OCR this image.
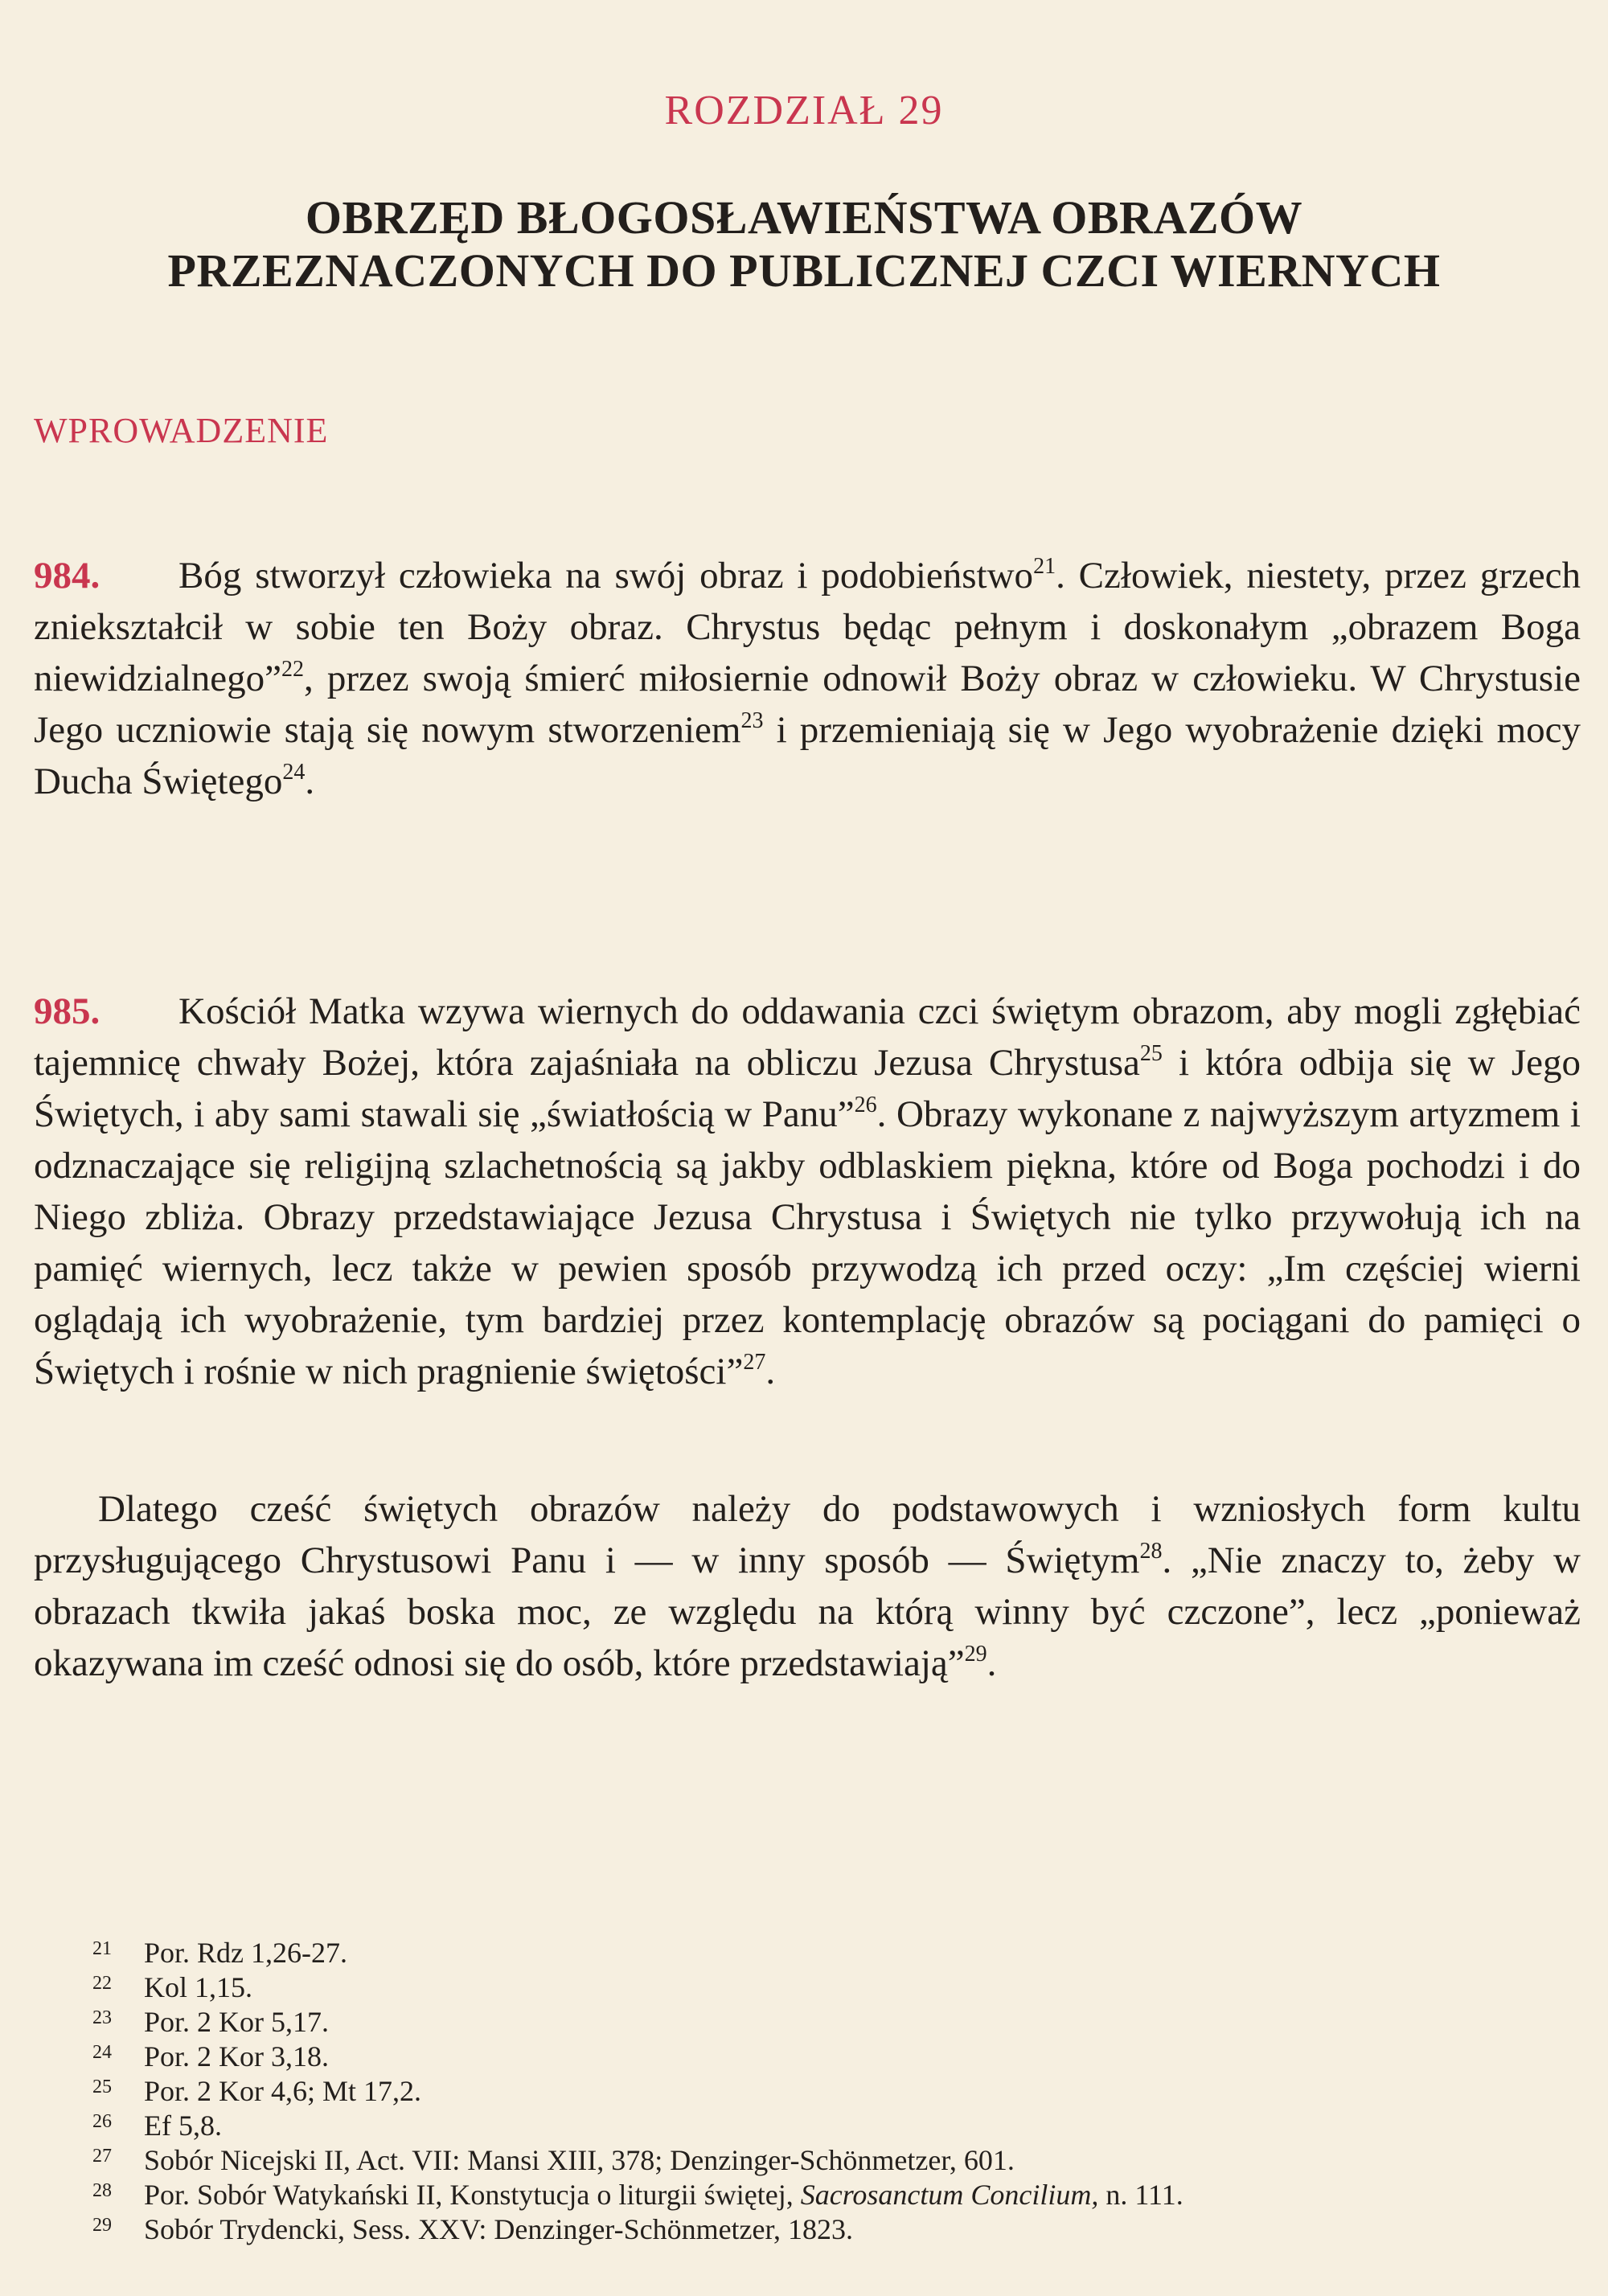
ROZDZIAŁ 29
OBRZĘD BŁOGOSŁAWIEŃSTWA OBRAZÓW
PRZEZNACZONYCH DO PUBLICZNEJ CZCI WIERNYCH
WPROWADZENIE
984. Bóg stworzył człowieka na swój obraz i podobieństwo$^{21}$. Człowiek, niestety, przez grzech zniekształcił w sobie ten Boży obraz. Chrystus będąc pełnym i doskonałym „obrazem Boga niewidzialnego”$^{22}$, przez swoją śmierć miłosiernie odnowił Boży obraz w człowieku. W Chrystusie Jego uczniowie stają się nowym stworzeniem$^{23}$ i przemieniają się w Jego wyobrażenie dzięki mocy Ducha Świętego$^{24}$.
985. Kościół Matka wzywa wiernych do oddawania czci świętym obrazom, aby mogli zgłębiać tajemnicę chwały Bożej, która zajaśniała na obliczu Jezusa Chrystusa$^{25}$ i która odbija się w Jego Świętych, i aby sami stawali się „światłością w Panu”$^{26}$. Obrazy wykonane z najwyższym artyzmem i odznaczające się religijną szlachetnością są jakby odblaskiem piękna, które od Boga pochodzi i do Niego zbliża. Obrazy przedstawiające Jezusa Chrystusa i Świętych nie tylko przywołują ich na pamięć wiernych, lecz także w pewien sposób przywodzą ich przed oczy: „Im częściej wierni oglądają ich wyobrażenie, tym bardziej przez kontemplację obrazów są pociągani do pamięci o Świętych i rośnie w nich pragnienie świętości”$^{27}$.
Dlatego cześć świętych obrazów należy do podstawowych i wzniosłych form kultu przysługującego Chrystusowi Panu i — w inny sposób — Świętym$^{28}$. „Nie znaczy to, żeby w obrazach tkwiła jakaś boska moc, ze względu na którą winny być czczone”, lecz „ponieważ okazywana im cześć odnosi się do osób, które przedstawiają”$^{29}$.
21	Por. Rdz 1,26-27.
22	Kol 1,15.
23	Por. 2 Kor 5,17.
24	Por. 2 Kor 3,18.
25	Por. 2 Kor 4,6; Mt 17,2.
26	Ef 5,8.
27	Sobór Nicejski II, Act. VII: Mansi XIII, 378; Denzinger-Schönmetzer, 601.
28	Por. Sobór Watykański II, Konstytucja o liturgii świętej, Sacrosanctum Concilium, n. 111.
29	Sobór Trydencki, Sess. XXV: Denzinger-Schönmetzer, 1823.
